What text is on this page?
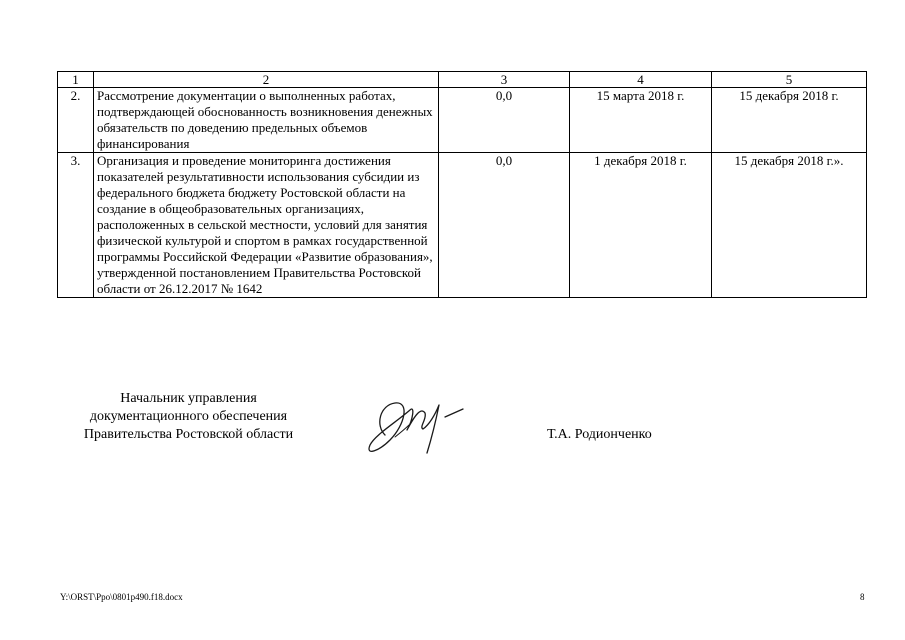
1	2	3	4	5
2.	Рассмотрение документации о выполненных работах, подтверждающей обоснованность возникновения денежных обязательств по доведению предельных объемов финансирования	0,0	15 марта 2018 г.	15 декабря 2018 г.
3.	Организация и проведение мониторинга достижения показателей результативности использования субсидии из федерального бюджета бюджету Ростовской области на создание в общеобразовательных организациях, расположенных в сельской местности, условий для занятия физической культурой и спортом в рамках государственной программы Российской Федерации «Развитие образования», утвержденной постановлением Правительства Ростовской области от 26.12.2017 № 1642	0,0	1 декабря 2018 г.	15 декабря 2018 г.».
Начальник управления
документационного обеспечения
Правительства Ростовской области	Т.А. Родионченко
Y:\ORST\Ppo\0801p490.f18.docx	8
